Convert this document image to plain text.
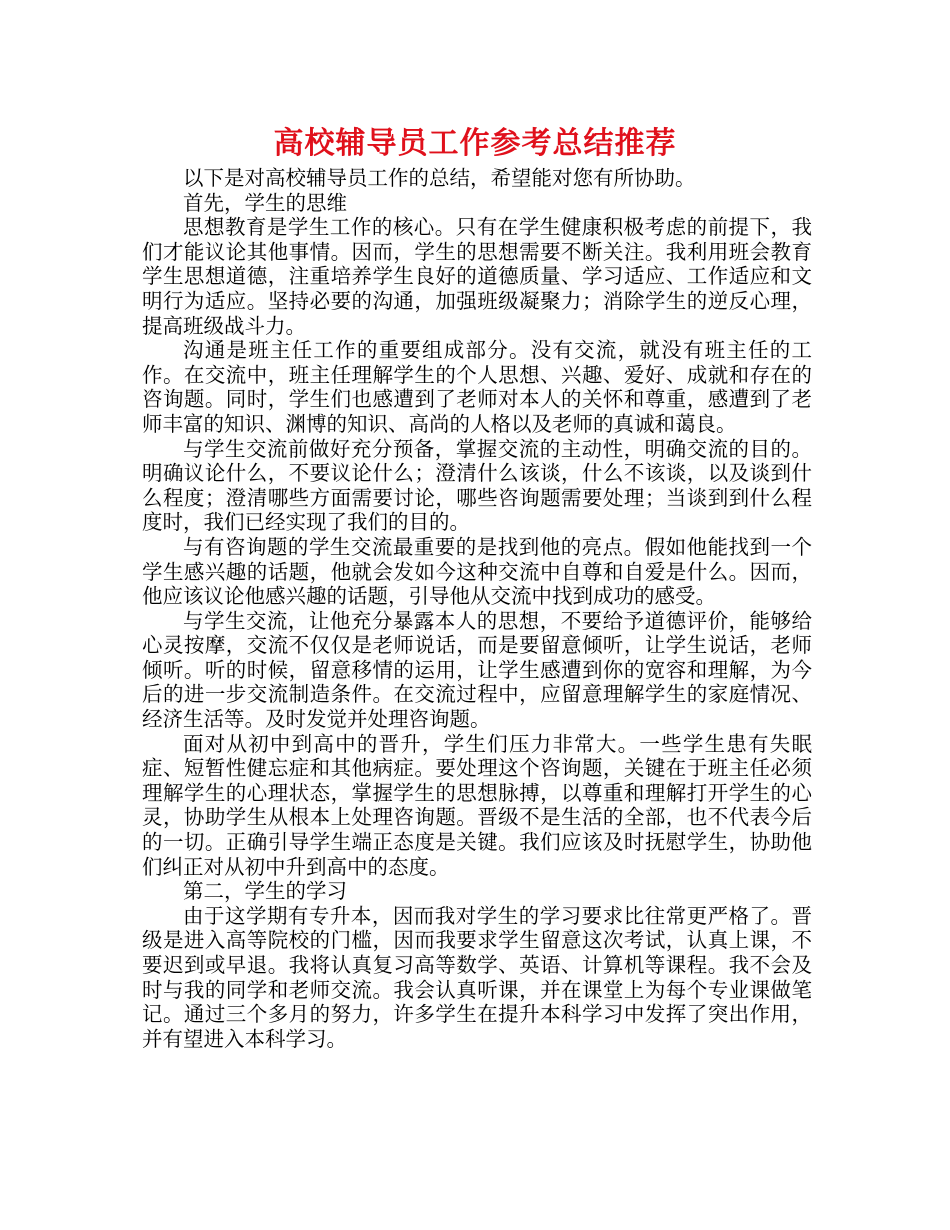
高校辅导员工作参考总结推荐

以下是对高校辅导员工作的总结，希望能对您有所协助。

首先，学生的思维

思想教育是学生工作的核心。只有在学生健康积极考虑的前提下，我们才能议论其他事情。因而，学生的思想需要不断关注。我利用班会教育学生思想道德，注重培养学生良好的道德质量、学习适应、工作适应和文明行为适应。坚持必要的沟通，加强班级凝聚力；消除学生的逆反心理，提高班级战斗力。

沟通是班主任工作的重要组成部分。没有交流，就没有班主任的工作。在交流中，班主任理解学生的个人思想、兴趣、爱好、成就和存在的咨询题。同时，学生们也感遭到了老师对本人的关怀和尊重，感遭到了老师丰富的知识、渊博的知识、高尚的人格以及老师的真诚和蔼良。

与学生交流前做好充分预备，掌握交流的主动性，明确交流的目的。明确议论什么，不要议论什么；澄清什么该谈，什么不该谈，以及谈到什么程度；澄清哪些方面需要讨论，哪些咨询题需要处理；当谈到到什么程度时，我们已经实现了我们的目的。

与有咨询题的学生交流最重要的是找到他的亮点。假如他能找到一个学生感兴趣的话题，他就会发如今这种交流中自尊和自爱是什么。因而，他应该议论他感兴趣的话题，引导他从交流中找到成功的感受。

与学生交流，让他充分暴露本人的思想，不要给予道德评价，能够给心灵按摩，交流不仅仅是老师说话，而是要留意倾听，让学生说话，老师倾听。听的时候，留意移情的运用，让学生感遭到你的宽容和理解，为今后的进一步交流制造条件。在交流过程中，应留意理解学生的家庭情况、经济生活等。及时发觉并处理咨询题。

面对从初中到高中的晋升，学生们压力非常大。一些学生患有失眠症、短暂性健忘症和其他病症。要处理这个咨询题，关键在于班主任必须理解学生的心理状态，掌握学生的思想脉搏，以尊重和理解打开学生的心灵，协助学生从根本上处理咨询题。晋级不是生活的全部，也不代表今后的一切。正确引导学生端正态度是关键。我们应该及时抚慰学生，协助他们纠正对从初中升到高中的态度。

第二，学生的学习

由于这学期有专升本，因而我对学生的学习要求比往常更严格了。晋级是进入高等院校的门槛，因而我要求学生留意这次考试，认真上课，不要迟到或早退。我将认真复习高等数学、英语、计算机等课程。我不会及时与我的同学和老师交流。我会认真听课，并在课堂上为每个专业课做笔记。通过三个多月的努力，许多学生在提升本科学习中发挥了突出作用，并有望进入本科学习。
